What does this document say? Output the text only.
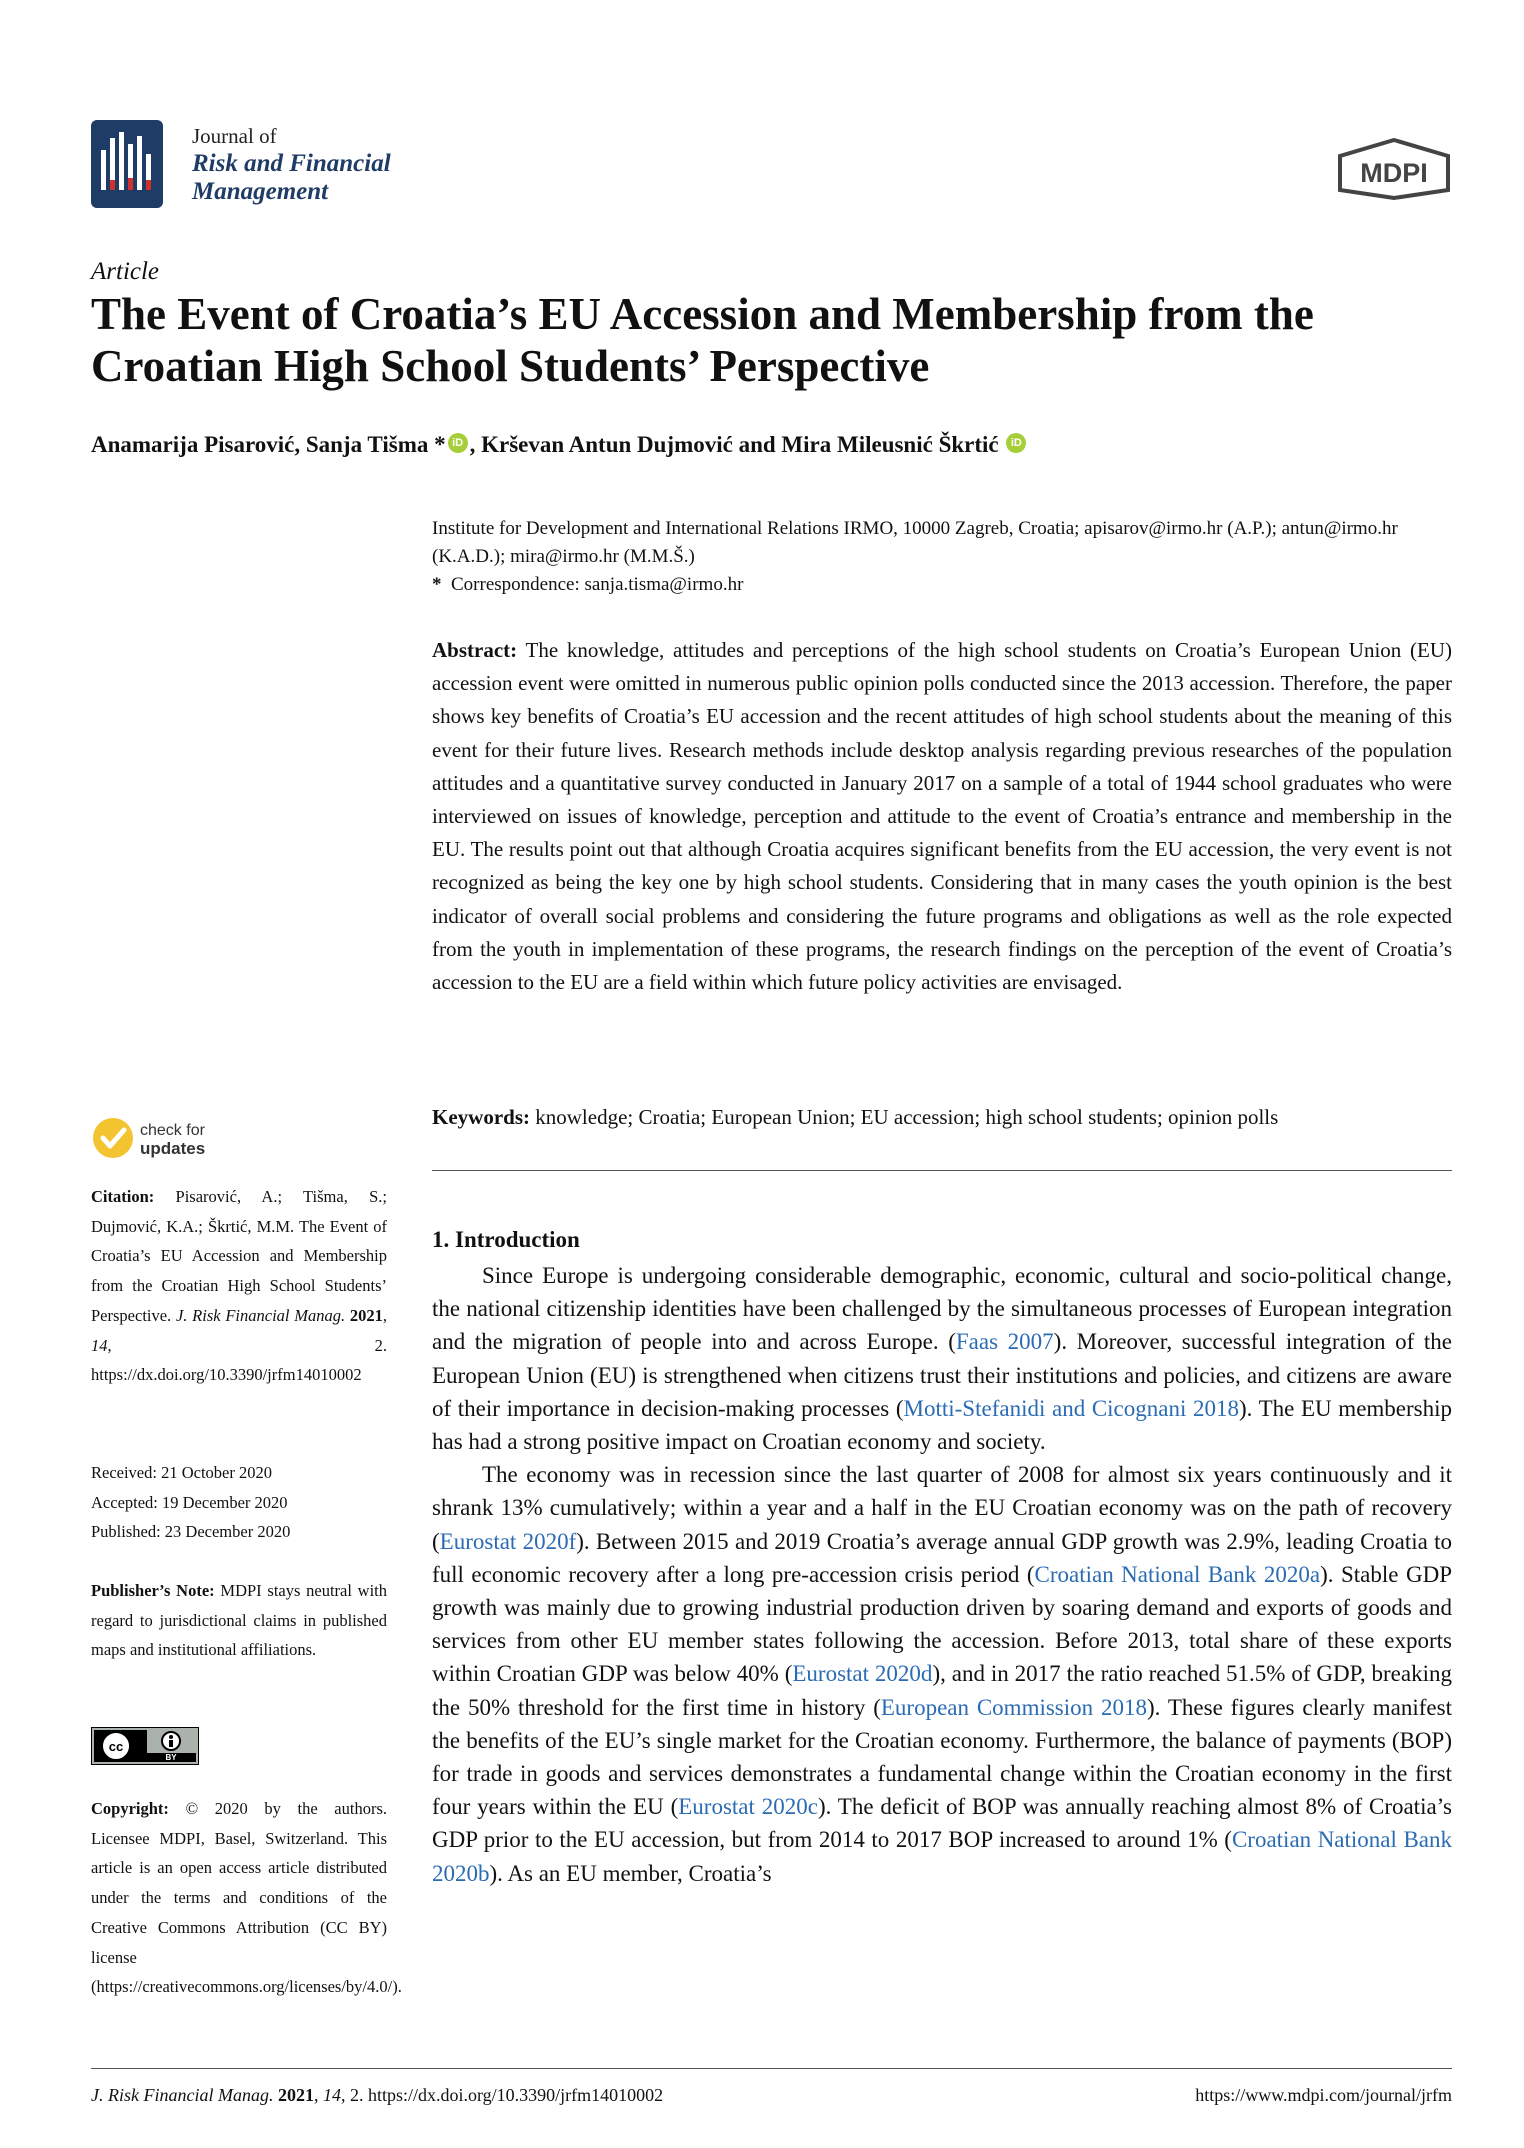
Journal of
Risk and Financial
Management
MDPI
Article
The Event of Croatia’s EU Accession and Membership from the Croatian High School Students’ Perspective
Anamarija Pisarović, Sanja Tišma * iD , Krševan Antun Dujmović and Mira Mileusnić Škrtić iD
Institute for Development and International Relations IRMO, 10000 Zagreb, Croatia; apisarov@irmo.hr (A.P.); antun@irmo.hr (K.A.D.); mira@irmo.hr (M.M.Š.)
* Correspondence: sanja.tisma@irmo.hr
Abstract: The knowledge, attitudes and perceptions of the high school students on Croatia’s European Union (EU) accession event were omitted in numerous public opinion polls conducted since the 2013 accession. Therefore, the paper shows key benefits of Croatia’s EU accession and the recent attitudes of high school students about the meaning of this event for their future lives. Research methods include desktop analysis regarding previous researches of the population attitudes and a quantitative survey conducted in January 2017 on a sample of a total of 1944 school graduates who were interviewed on issues of knowledge, perception and attitude to the event of Croatia’s entrance and membership in the EU. The results point out that although Croatia acquires significant benefits from the EU accession, the very event is not recognized as being the key one by high school students. Considering that in many cases the youth opinion is the best indicator of overall social problems and considering the future programs and obligations as well as the role expected from the youth in implementation of these programs, the research findings on the perception of the event of Croatia’s accession to the EU are a field within which future policy activities are envisaged.
Keywords: knowledge; Croatia; European Union; EU accession; high school students; opinion polls
check for
updates
Citation: Pisarović, A.; Tišma, S.; Dujmović, K.A.; Škrtić, M.M. The Event of Croatia’s EU Accession and Membership from the Croatian High School Students’ Perspective. J. Risk Financial Manag. 2021, 14, 2. https://dx.doi.org/10.3390/jrfm14010002
Received: 21 October 2020
Accepted: 19 December 2020
Published: 23 December 2020
Publisher’s Note: MDPI stays neutral with regard to jurisdictional claims in published maps and institutional affiliations.
cc
BY
Copyright: © 2020 by the authors. Licensee MDPI, Basel, Switzerland. This article is an open access article distributed under the terms and conditions of the Creative Commons Attribution (CC BY) license (https://creativecommons.org/licenses/by/4.0/).
1. Introduction

Since Europe is undergoing considerable demographic, economic, cultural and socio-political change, the national citizenship identities have been challenged by the simultaneous processes of European integration and the migration of people into and across Europe. (Faas 2007). Moreover, successful integration of the European Union (EU) is strengthened when citizens trust their institutions and policies, and citizens are aware of their importance in decision-making processes (Motti-Stefanidi and Cicognani 2018). The EU membership has had a strong positive impact on Croatian economy and society.

The economy was in recession since the last quarter of 2008 for almost six years continuously and it shrank 13% cumulatively; within a year and a half in the EU Croatian economy was on the path of recovery (Eurostat 2020f). Between 2015 and 2019 Croatia’s average annual GDP growth was 2.9%, leading Croatia to full economic recovery after a long pre-accession crisis period (Croatian National Bank 2020a). Stable GDP growth was mainly due to growing industrial production driven by soaring demand and exports of goods and services from other EU member states following the accession. Before 2013, total share of these exports within Croatian GDP was below 40% (Eurostat 2020d), and in 2017 the ratio reached 51.5% of GDP, breaking the 50% threshold for the first time in history (European Commission 2018). These figures clearly manifest the benefits of the EU’s single market for the Croatian economy. Furthermore, the balance of payments (BOP) for trade in goods and services demonstrates a fundamental change within the Croatian economy in the first four years within the EU (Eurostat 2020c). The deficit of BOP was annually reaching almost 8% of Croatia’s GDP prior to the EU accession, but from 2014 to 2017 BOP increased to around 1% (Croatian National Bank 2020b). As an EU member, Croatia’s

J. Risk Financial Manag. 2021, 14, 2. https://dx.doi.org/10.3390/jrfm14010002	https://www.mdpi.com/journal/jrfm
